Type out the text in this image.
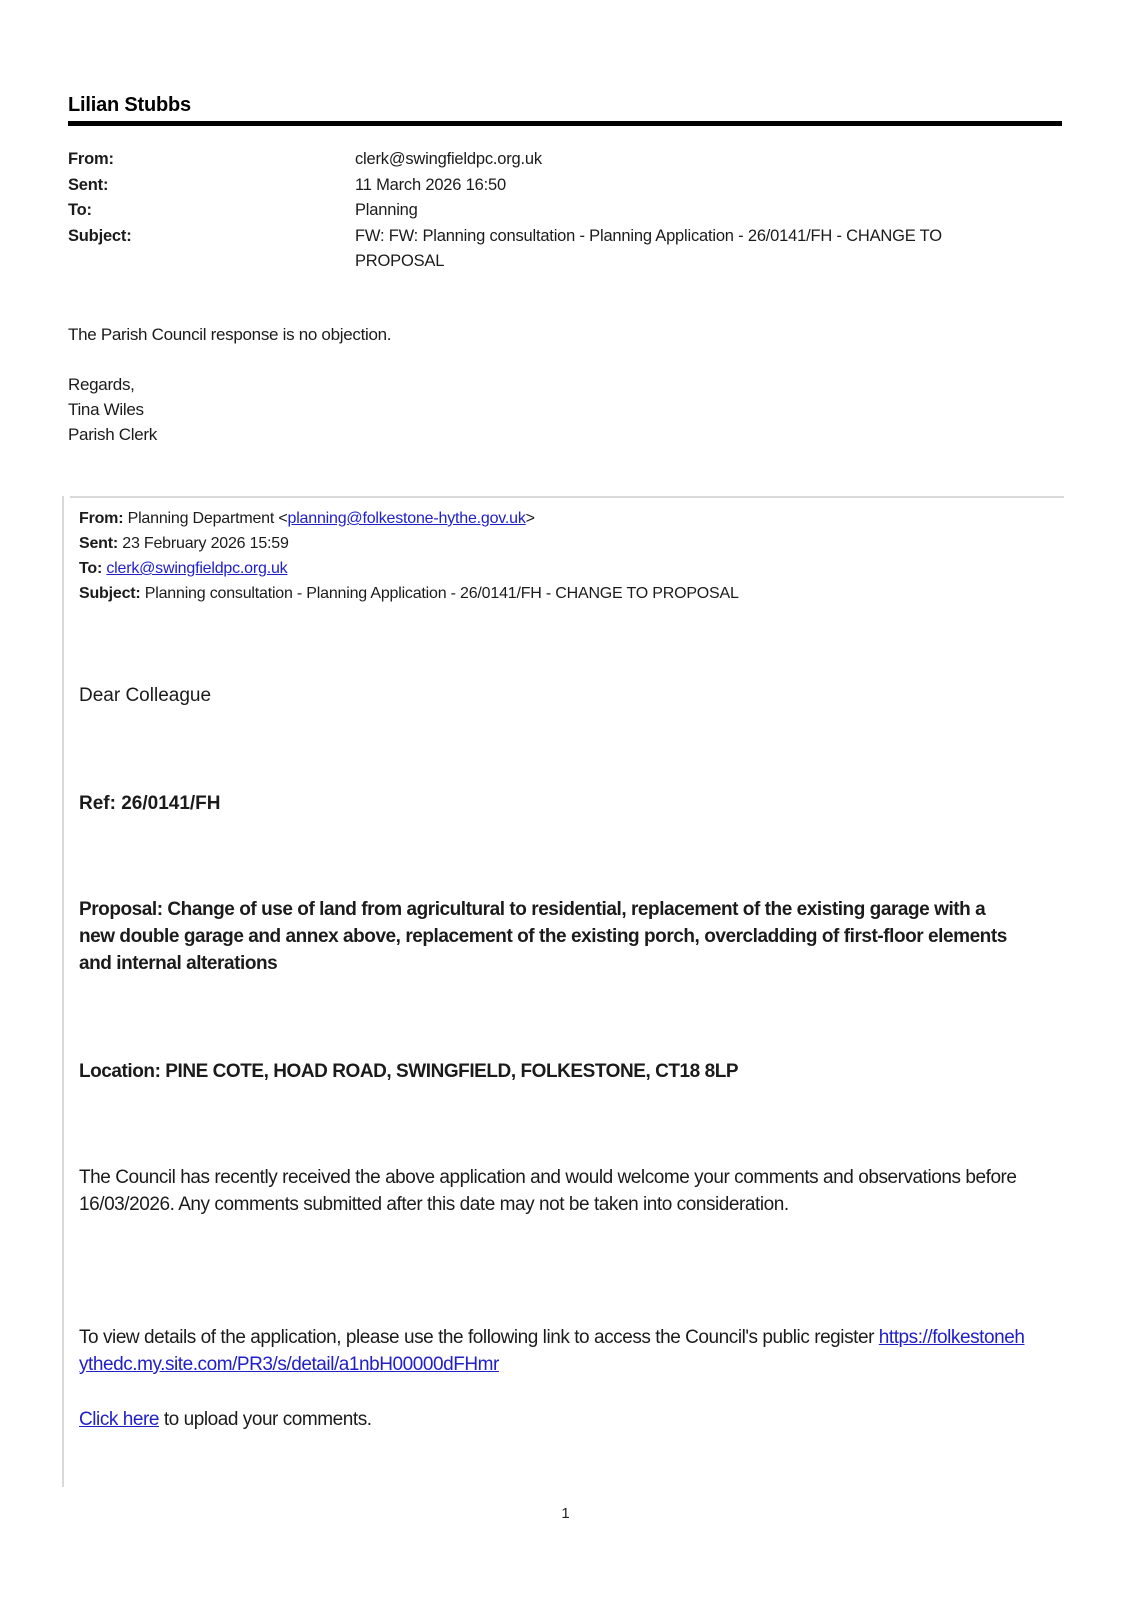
Lilian Stubbs
From:	clerk@swingfieldpc.org.uk
Sent:	11 March 2026 16:50
To:	Planning
Subject:	FW: FW: Planning consultation - Planning Application - 26/0141/FH - CHANGE TO PROPOSAL
The Parish Council response is no objection.
Regards,
Tina Wiles
Parish Clerk
From: Planning Department <planning@folkestone-hythe.gov.uk>
Sent: 23 February 2026 15:59
To: clerk@swingfieldpc.org.uk
Subject: Planning consultation - Planning Application - 26/0141/FH - CHANGE TO PROPOSAL
Dear Colleague
Ref: 26/0141/FH
Proposal: Change of use of land from agricultural to residential, replacement of the existing garage with a new double garage and annex above, replacement of the existing porch, overcladding of first-floor elements and internal alterations
Location: PINE COTE, HOAD ROAD, SWINGFIELD, FOLKESTONE, CT18 8LP
The Council has recently received the above application and would welcome your comments and observations before 16/03/2026. Any comments submitted after this date may not be taken into consideration.
To view details of the application, please use the following link to access the Council's public register https://folkestonehythedc.my.site.com/PR3/s/detail/a1nbH00000dFHmr
Click here to upload your comments.
1
